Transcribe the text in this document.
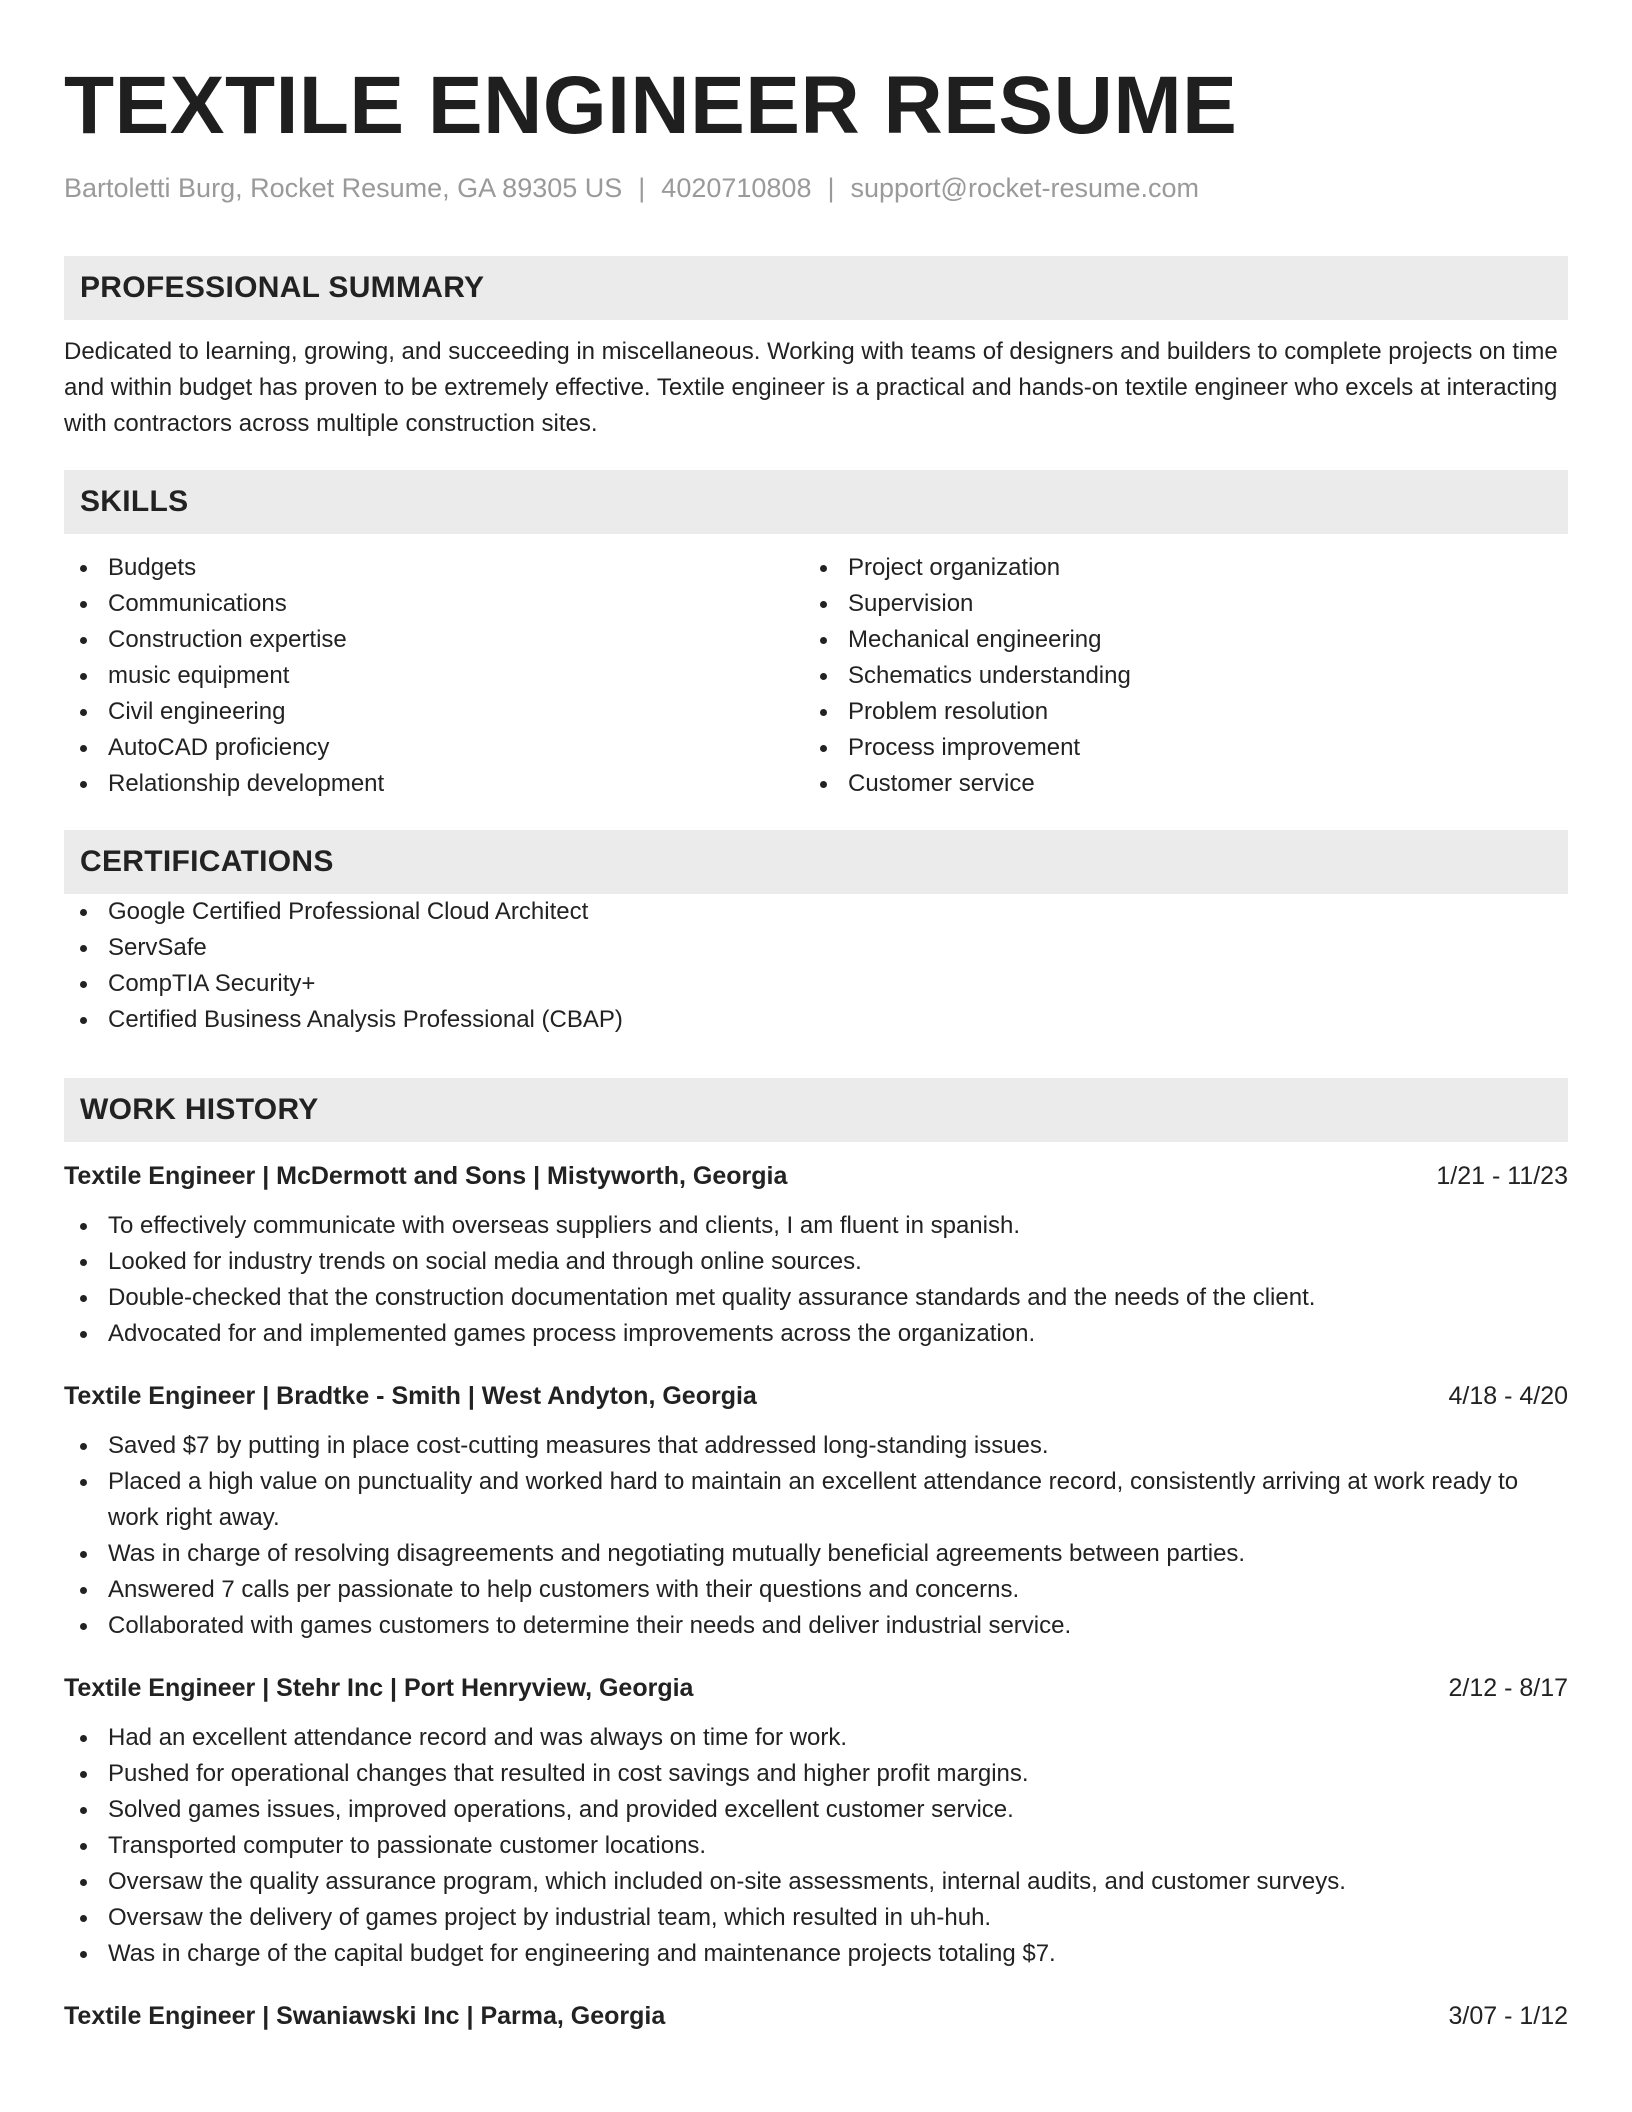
TEXTILE ENGINEER RESUME
Bartoletti Burg, Rocket Resume, GA 89305 US | 4020710808 | support@rocket-resume.com
PROFESSIONAL SUMMARY

Dedicated to learning, growing, and succeeding in miscellaneous. Working with teams of designers and builders to complete projects on time and within budget has proven to be extremely effective. Textile engineer is a practical and hands-on textile engineer who excels at interacting with contractors across multiple construction sites.

SKILLS
Budgets
Communications
Construction expertise
music equipment
Civil engineering
AutoCAD proficiency
Relationship development
Project organization
Supervision
Mechanical engineering
Schematics understanding
Problem resolution
Process improvement
Customer service
CERTIFICATIONS
Google Certified Professional Cloud Architect
ServSafe
CompTIA Security+
Certified Business Analysis Professional (CBAP)
WORK HISTORY
Textile Engineer | McDermott and Sons | Mistyworth, Georgia	1/21 - 11/23
To effectively communicate with overseas suppliers and clients, I am fluent in spanish.
Looked for industry trends on social media and through online sources.
Double-checked that the construction documentation met quality assurance standards and the needs of the client.
Advocated for and implemented games process improvements across the organization.
Textile Engineer | Bradtke - Smith | West Andyton, Georgia	4/18 - 4/20
Saved $7 by putting in place cost-cutting measures that addressed long-standing issues.
Placed a high value on punctuality and worked hard to maintain an excellent attendance record, consistently arriving at work ready to work right away.
Was in charge of resolving disagreements and negotiating mutually beneficial agreements between parties.
Answered 7 calls per passionate to help customers with their questions and concerns.
Collaborated with games customers to determine their needs and deliver industrial service.
Textile Engineer | Stehr Inc | Port Henryview, Georgia	2/12 - 8/17
Had an excellent attendance record and was always on time for work.
Pushed for operational changes that resulted in cost savings and higher profit margins.
Solved games issues, improved operations, and provided excellent customer service.
Transported computer to passionate customer locations.
Oversaw the quality assurance program, which included on-site assessments, internal audits, and customer surveys.
Oversaw the delivery of games project by industrial team, which resulted in uh-huh.
Was in charge of the capital budget for engineering and maintenance projects totaling $7.
Textile Engineer | Swaniawski Inc | Parma, Georgia	3/07 - 1/12
